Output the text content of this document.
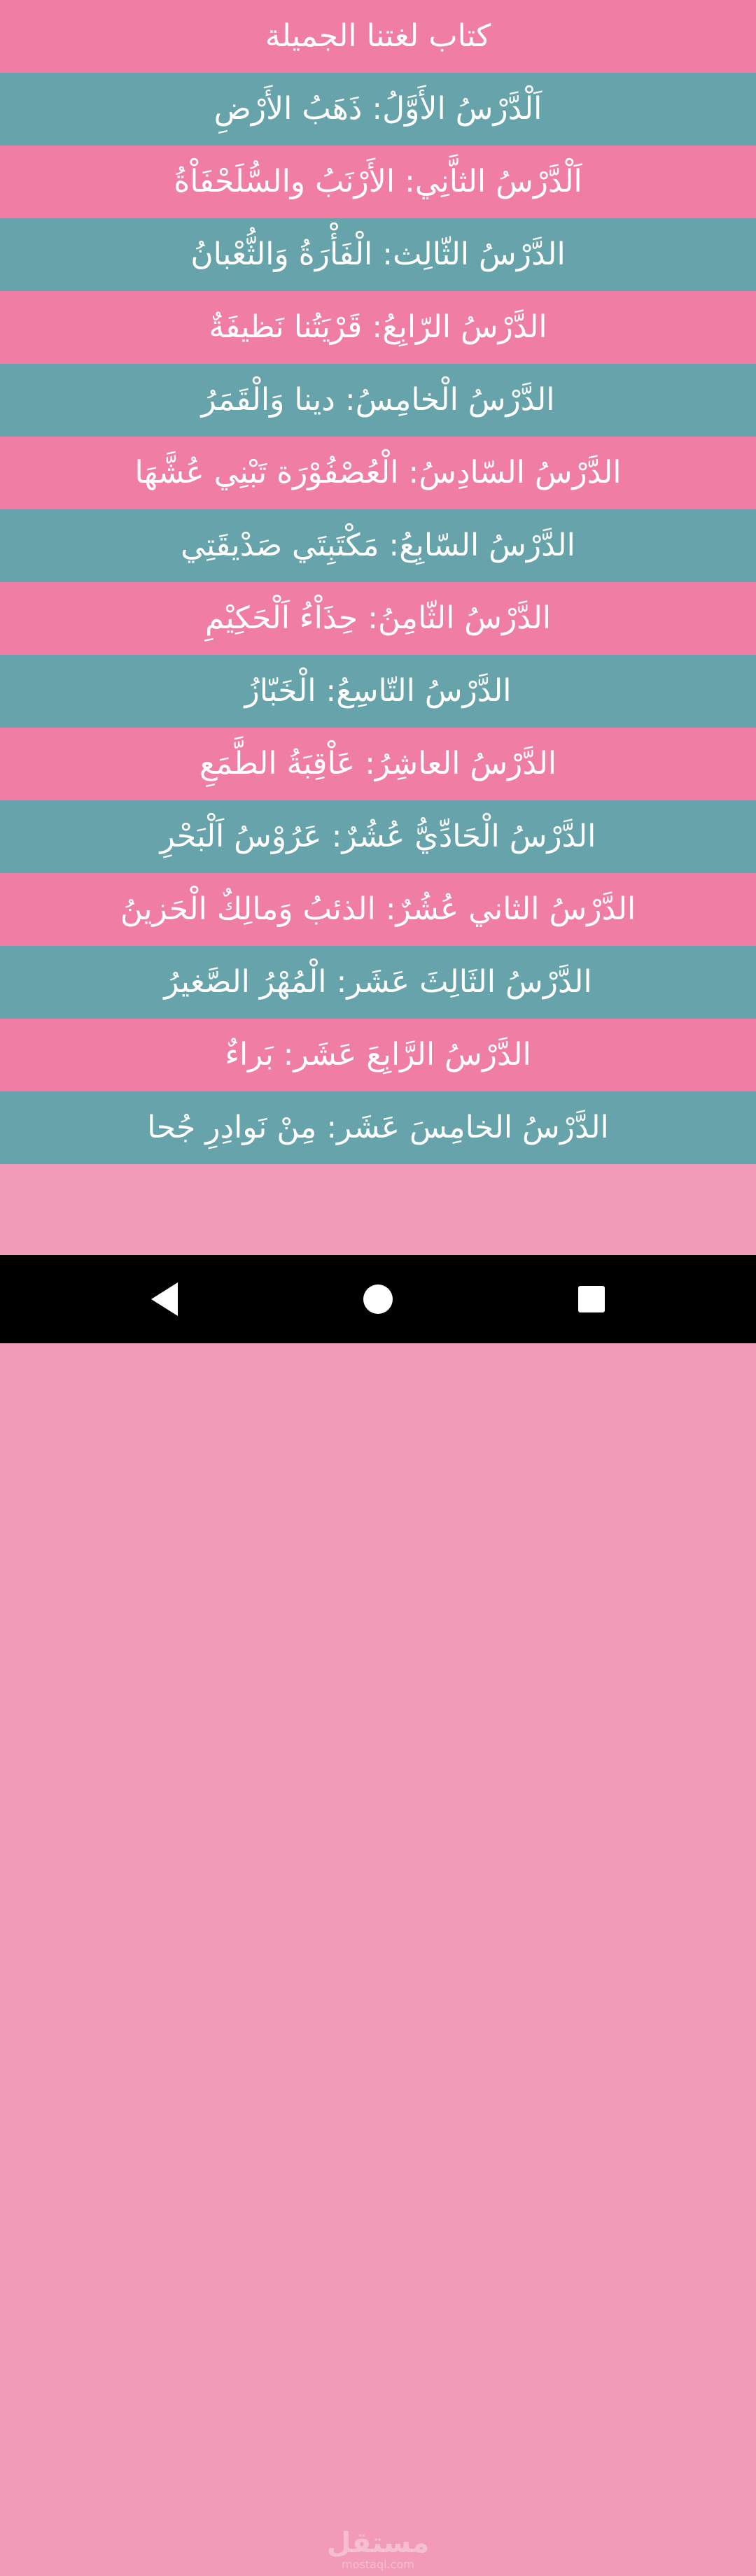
كتاب لغتنا الجميلة
اَلْدَّرْسُ الأَوَّلُ: ذَهَبُ الأَرْضِ
اَلْدَّرْسُ الثاَّنِي: الأَرْنَبُ والسُّلَحْفَاْةُ
الدَّرْسُ الثّالِث: الْفَأْرَةُ وَالثُّعْبانُ
الدَّرْسُ الرّابِعُ: قَرْيَتُنا نَظيفَةٌ
الدَّرْسُ الْخامِسُ: دينا وَالْقَمَرُ
الدَّرْسُ السّادِسُ: الْعُصْفُوْرَة تَبْنِي عُشَّهَا
الدَّرْسُ السّابِعُ: مَكْتَبِتَي صَدْيقَتِي
الدَّرْسُ الثّامِنُ: حِذَاْءُ اَلْحَكِيْمِ
الدَّرْسُ التّاسِعُ: الْخَبّازُ
الدَّرْسُ العاشِرُ: عَاْقِبَةُ الطَّمَعِ
الدَّرْسُ الْحَادِّيُّ عُشُرٌ: عَرُوْسُ اَلْبَحْرِ
الدَّرْسُ الثاني عُشُرٌ: الذئبُ وَمالِكٌ الْحَزينُ
الدَّرْسُ الثَالِثَ عَشَر: الْمُهْرُ الصَّغيرُ
الدَّرْسُ الرَّابِعَ عَشَر: بَراءٌ
الدَّرْسُ الخامِسَ عَشَر: مِنْ نَوادِرِ جُحا
مستقل
mostaql.com
